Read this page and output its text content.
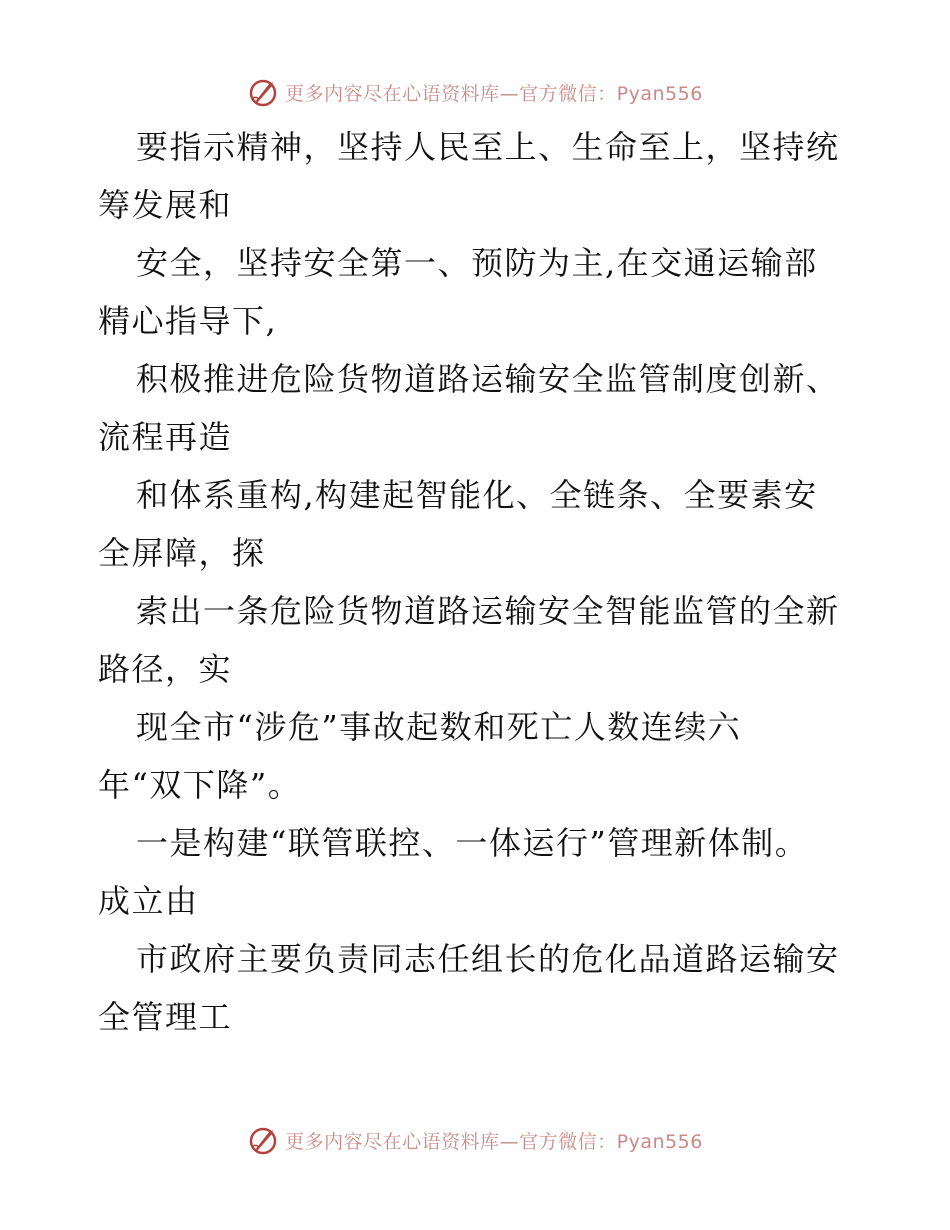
更多内容尽在心语资料库—官方微信：Pyan556
要指示精神，坚持人民至上、生命至上，坚持统
筹发展和
安全，坚持安全第一、预防为主,在交通运输部
精心指导下,
积极推进危险货物道路运输安全监管制度创新、
流程再造
和体系重构,构建起智能化、全链条、全要素安
全屏障，探
索出一条危险货物道路运输安全智能监管的全新
路径，实
现全市“涉危”事故起数和死亡人数连续六
年“双下降”。
一是构建“联管联控、一体运行”管理新体制。
成立由
市政府主要负责同志任组长的危化品道路运输安
全管理工
更多内容尽在心语资料库—官方微信：Pyan556
